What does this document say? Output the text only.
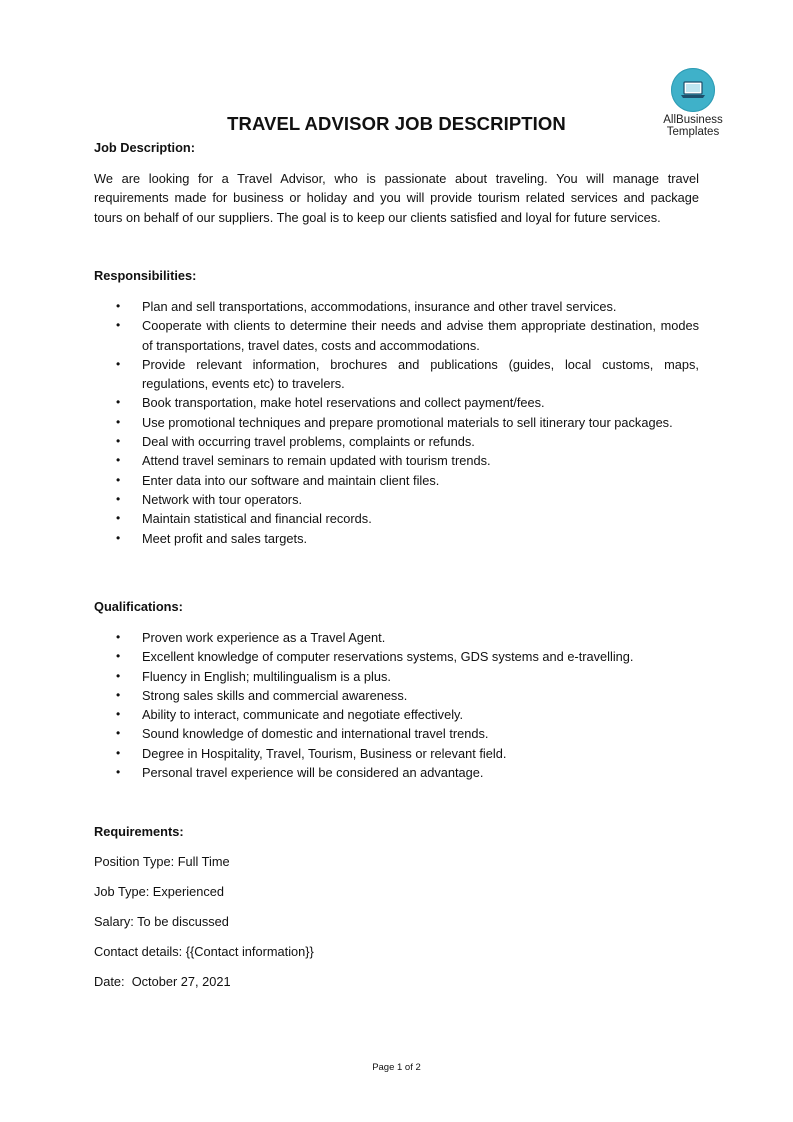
AllBusiness
Templates
TRAVEL ADVISOR JOB DESCRIPTION
Job Description:
We are looking for a Travel Advisor, who is passionate about traveling. You will manage travel requirements made for business or holiday and you will provide tourism related services and package tours on behalf of our suppliers. The goal is to keep our clients satisfied and loyal for future services.
Responsibilities:
• Plan and sell transportations, accommodations, insurance and other travel services.
• Cooperate with clients to determine their needs and advise them appropriate destination, modes of transportations, travel dates, costs and accommodations.
• Provide relevant information, brochures and publications (guides, local customs, maps, regulations, events etc) to travelers.
• Book transportation, make hotel reservations and collect payment/fees.
• Use promotional techniques and prepare promotional materials to sell itinerary tour packages.
• Deal with occurring travel problems, complaints or refunds.
• Attend travel seminars to remain updated with tourism trends.
• Enter data into our software and maintain client files.
• Network with tour operators.
• Maintain statistical and financial records.
• Meet profit and sales targets.
Qualifications:
• Proven work experience as a Travel Agent.
• Excellent knowledge of computer reservations systems, GDS systems and e-travelling.
• Fluency in English; multilingualism is a plus.
• Strong sales skills and commercial awareness.
• Ability to interact, communicate and negotiate effectively.
• Sound knowledge of domestic and international travel trends.
• Degree in Hospitality, Travel, Tourism, Business or relevant field.
• Personal travel experience will be considered an advantage.
Requirements:
Position Type: Full Time
Job Type: Experienced
Salary: To be discussed
Contact details: {{Contact information}}
Date:  October 27, 2021
Page 1 of 2
